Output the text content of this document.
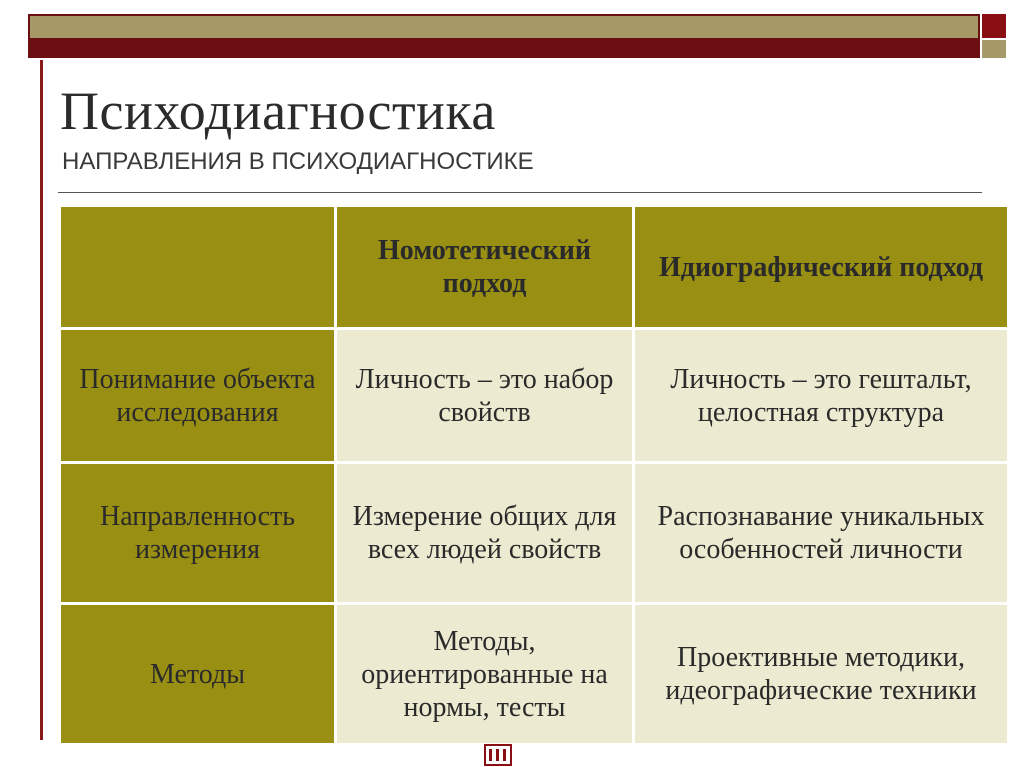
Психодиагностика

НАПРАВЛЕНИЯ В ПСИХОДИАГНОСТИКЕ

	Номотетический подход	Идиографический подход
Понимание объекта исследования	Личность – это набор свойств	Личность – это гештальт, целостная структура
Направленность измерения	Измерение общих для всех людей свойств	Распознавание уникальных особенностей личности
Методы	Методы, ориентированные на нормы, тесты	Проективные методики, идеографические техники
